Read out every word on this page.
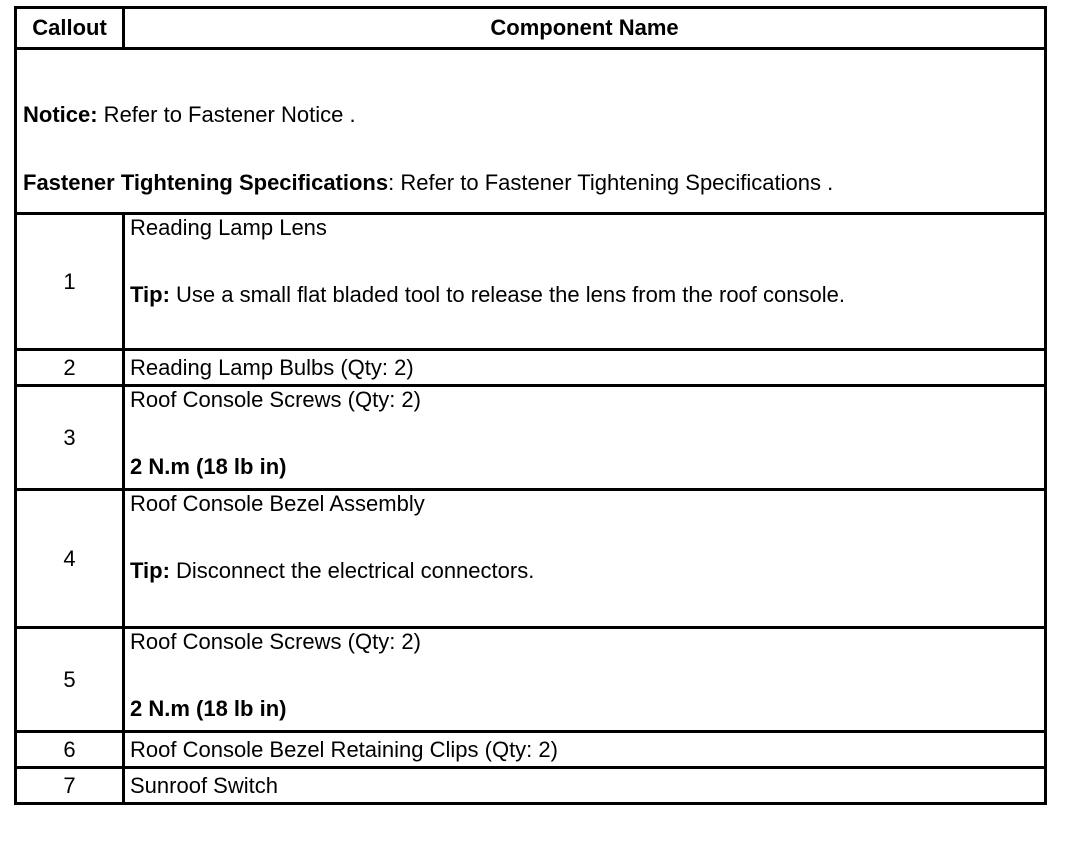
Callout	Component Name

Notice: Refer to Fastener Notice .

Fastener Tightening Specifications: Refer to Fastener Tightening Specifications .	

1	Reading Lamp Lens

Tip: Use a small flat bladed tool to release the lens from the roof console.

2	Reading Lamp Bulbs (Qty: 2)

3	Roof Console Screws (Qty: 2)

2 N.m (18 lb in)

4	Roof Console Bezel Assembly

Tip: Disconnect the electrical connectors.

5	Roof Console Screws (Qty: 2)

2 N.m (18 lb in)

6	Roof Console Bezel Retaining Clips (Qty: 2)

7	Sunroof Switch
